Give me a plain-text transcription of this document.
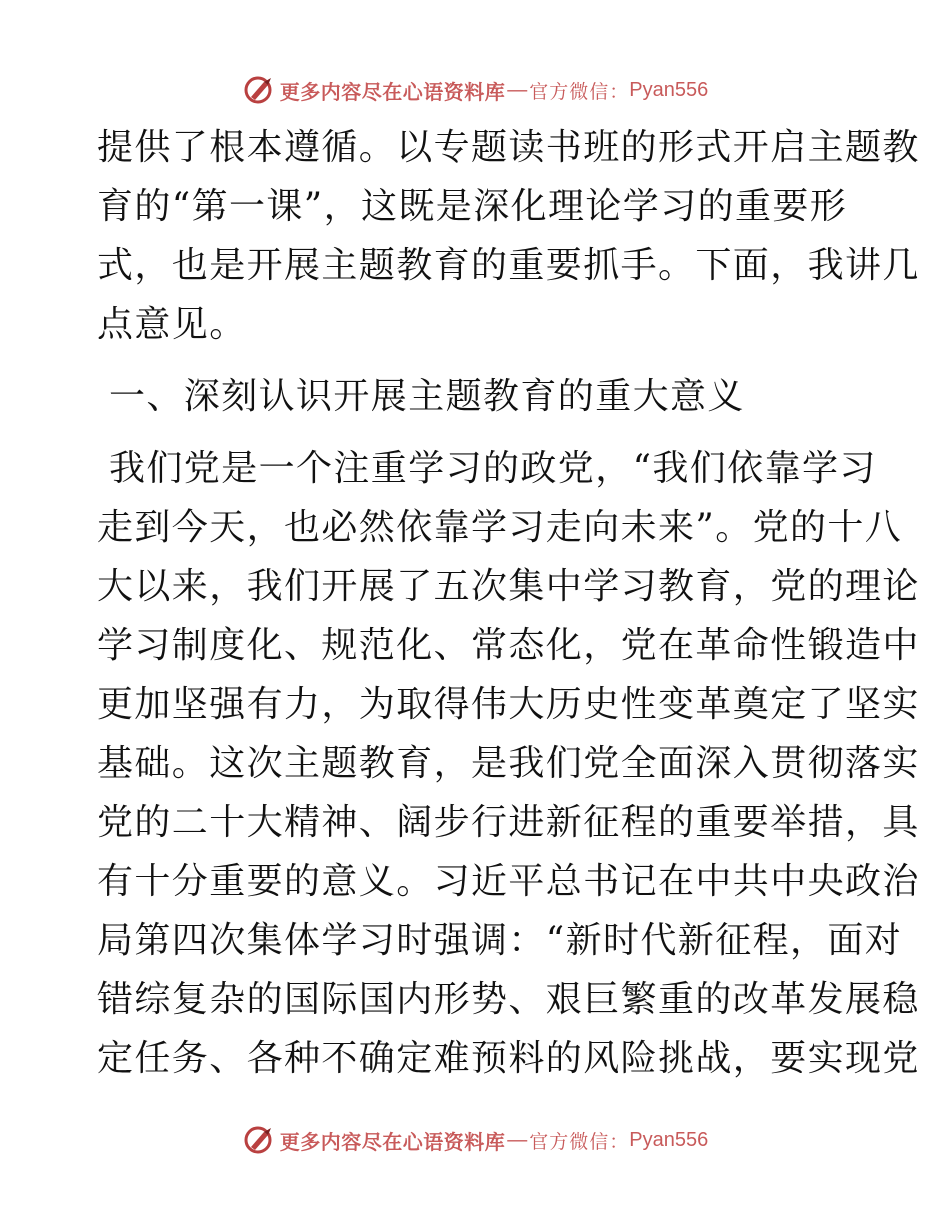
更多内容尽在心语资料库 — 官方微信： Pyan556
提供了根本遵循。以专题读书班的形式开启主题教
育的“第一课”，这既是深化理论学习的重要形
式，也是开展主题教育的重要抓手。下面，我讲几
点意见。
一、深刻认识开展主题教育的重大意义
我们党是一个注重学习的政党，“我们依靠学习
走到今天，也必然依靠学习走向未来”。党的十八
大以来，我们开展了五次集中学习教育，党的理论
学习制度化、规范化、常态化，党在革命性锻造中
更加坚强有力，为取得伟大历史性变革奠定了坚实
基础。这次主题教育，是我们党全面深入贯彻落实
党的二十大精神、阔步行进新征程的重要举措，具
有十分重要的意义。习近平总书记在中共中央政治
局第四次集体学习时强调：“新时代新征程，面对
错综复杂的国际国内形势、艰巨繁重的改革发展稳
定任务、各种不确定难预料的风险挑战，要实现党
更多内容尽在心语资料库 — 官方微信： Pyan556
